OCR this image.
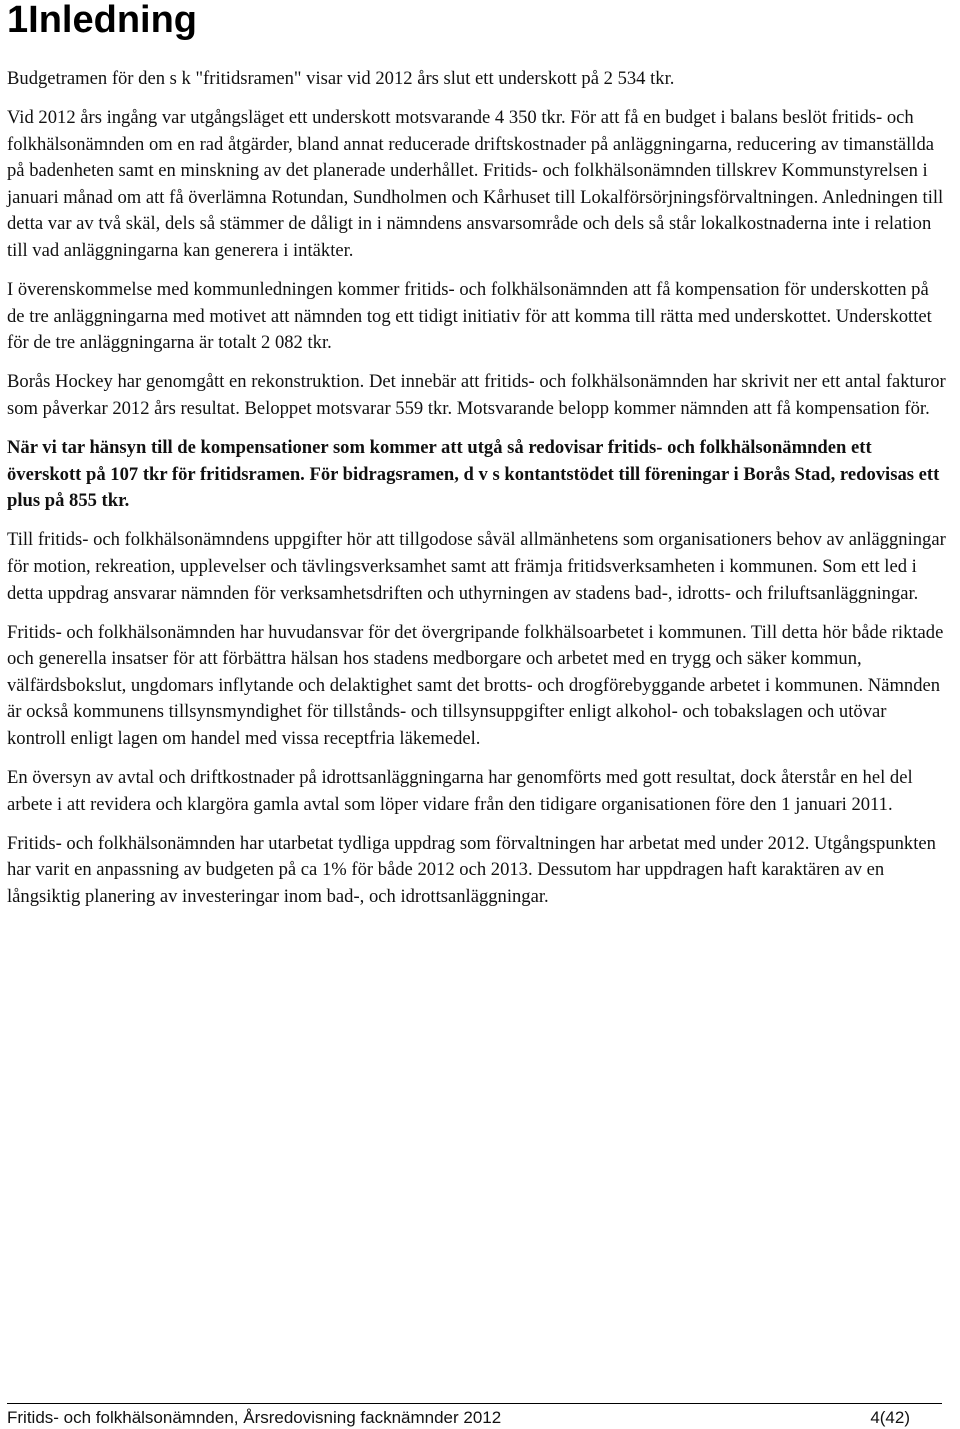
1Inledning

Budgetramen för den s k "fritidsramen" visar vid 2012 års slut ett underskott på 2 534 tkr.

Vid 2012 års ingång var utgångsläget ett underskott motsvarande 4 350 tkr. För att få en budget i balans beslöt fritids- och folkhälsonämnden om en rad åtgärder, bland annat reducerade driftskostnader på anläggningarna, reducering av timanställda på badenheten samt en minskning av det planerade underhållet. Fritids- och folkhälsonämnden tillskrev Kommunstyrelsen i januari månad om att få överlämna Rotundan, Sundholmen och Kårhuset till Lokalförsörjningsförvaltningen. Anledningen till detta var av två skäl, dels så stämmer de dåligt in i nämndens ansvarsområde och dels så står lokalkostnaderna inte i relation till vad anläggningarna kan generera i intäkter.

I överenskommelse med kommunledningen kommer fritids- och folkhälsonämnden att få kompensation för underskotten på de tre anläggningarna med motivet att nämnden tog ett tidigt initiativ för att komma till rätta med underskottet. Underskottet för de tre anläggningarna är totalt 2 082 tkr.

Borås Hockey har genomgått en rekonstruktion. Det innebär att fritids- och folkhälsonämnden har skrivit ner ett antal fakturor som påverkar 2012 års resultat. Beloppet motsvarar 559 tkr. Motsvarande belopp kommer nämnden att få kompensation för.

När vi tar hänsyn till de kompensationer som kommer att utgå så redovisar fritids- och folkhälsonämnden ett överskott på 107 tkr för fritidsramen. För bidragsramen, d v s kontantstödet till föreningar i Borås Stad, redovisas ett plus på 855 tkr.

Till fritids- och folkhälsonämndens uppgifter hör att tillgodose såväl allmänhetens som organisationers behov av anläggningar för motion, rekreation, upplevelser och tävlingsverksamhet samt att främja fritidsverksamheten i kommunen. Som ett led i detta uppdrag ansvarar nämnden för verksamhetsdriften och uthyrningen av stadens bad-, idrotts- och friluftsanläggningar.

Fritids- och folkhälsonämnden har huvudansvar för det övergripande folkhälsoarbetet i kommunen. Till detta hör både riktade och generella insatser för att förbättra hälsan hos stadens medborgare och arbetet med en trygg och säker kommun, välfärdsbokslut, ungdomars inflytande och delaktighet samt det brotts- och drogförebyggande arbetet i kommunen. Nämnden är också kommunens tillsynsmyndighet för tillstånds- och tillsynsuppgifter enligt alkohol- och tobakslagen och utövar kontroll enligt lagen om handel med vissa receptfria läkemedel.

En översyn av avtal och driftkostnader på idrottsanläggningarna har genomförts med gott resultat, dock återstår en hel del arbete i att revidera och klargöra gamla avtal som löper vidare från den tidigare organisationen före den 1 januari 2011.

Fritids- och folkhälsonämnden har utarbetat tydliga uppdrag som förvaltningen har arbetat med under 2012. Utgångspunkten har varit en anpassning av budgeten på ca 1% för både 2012 och 2013. Dessutom har uppdragen haft karaktären av en långsiktig planering av investeringar inom bad-, och idrottsanläggningar.

Fritids- och folkhälsonämnden, Årsredovisning facknämnder 2012	4(42)
